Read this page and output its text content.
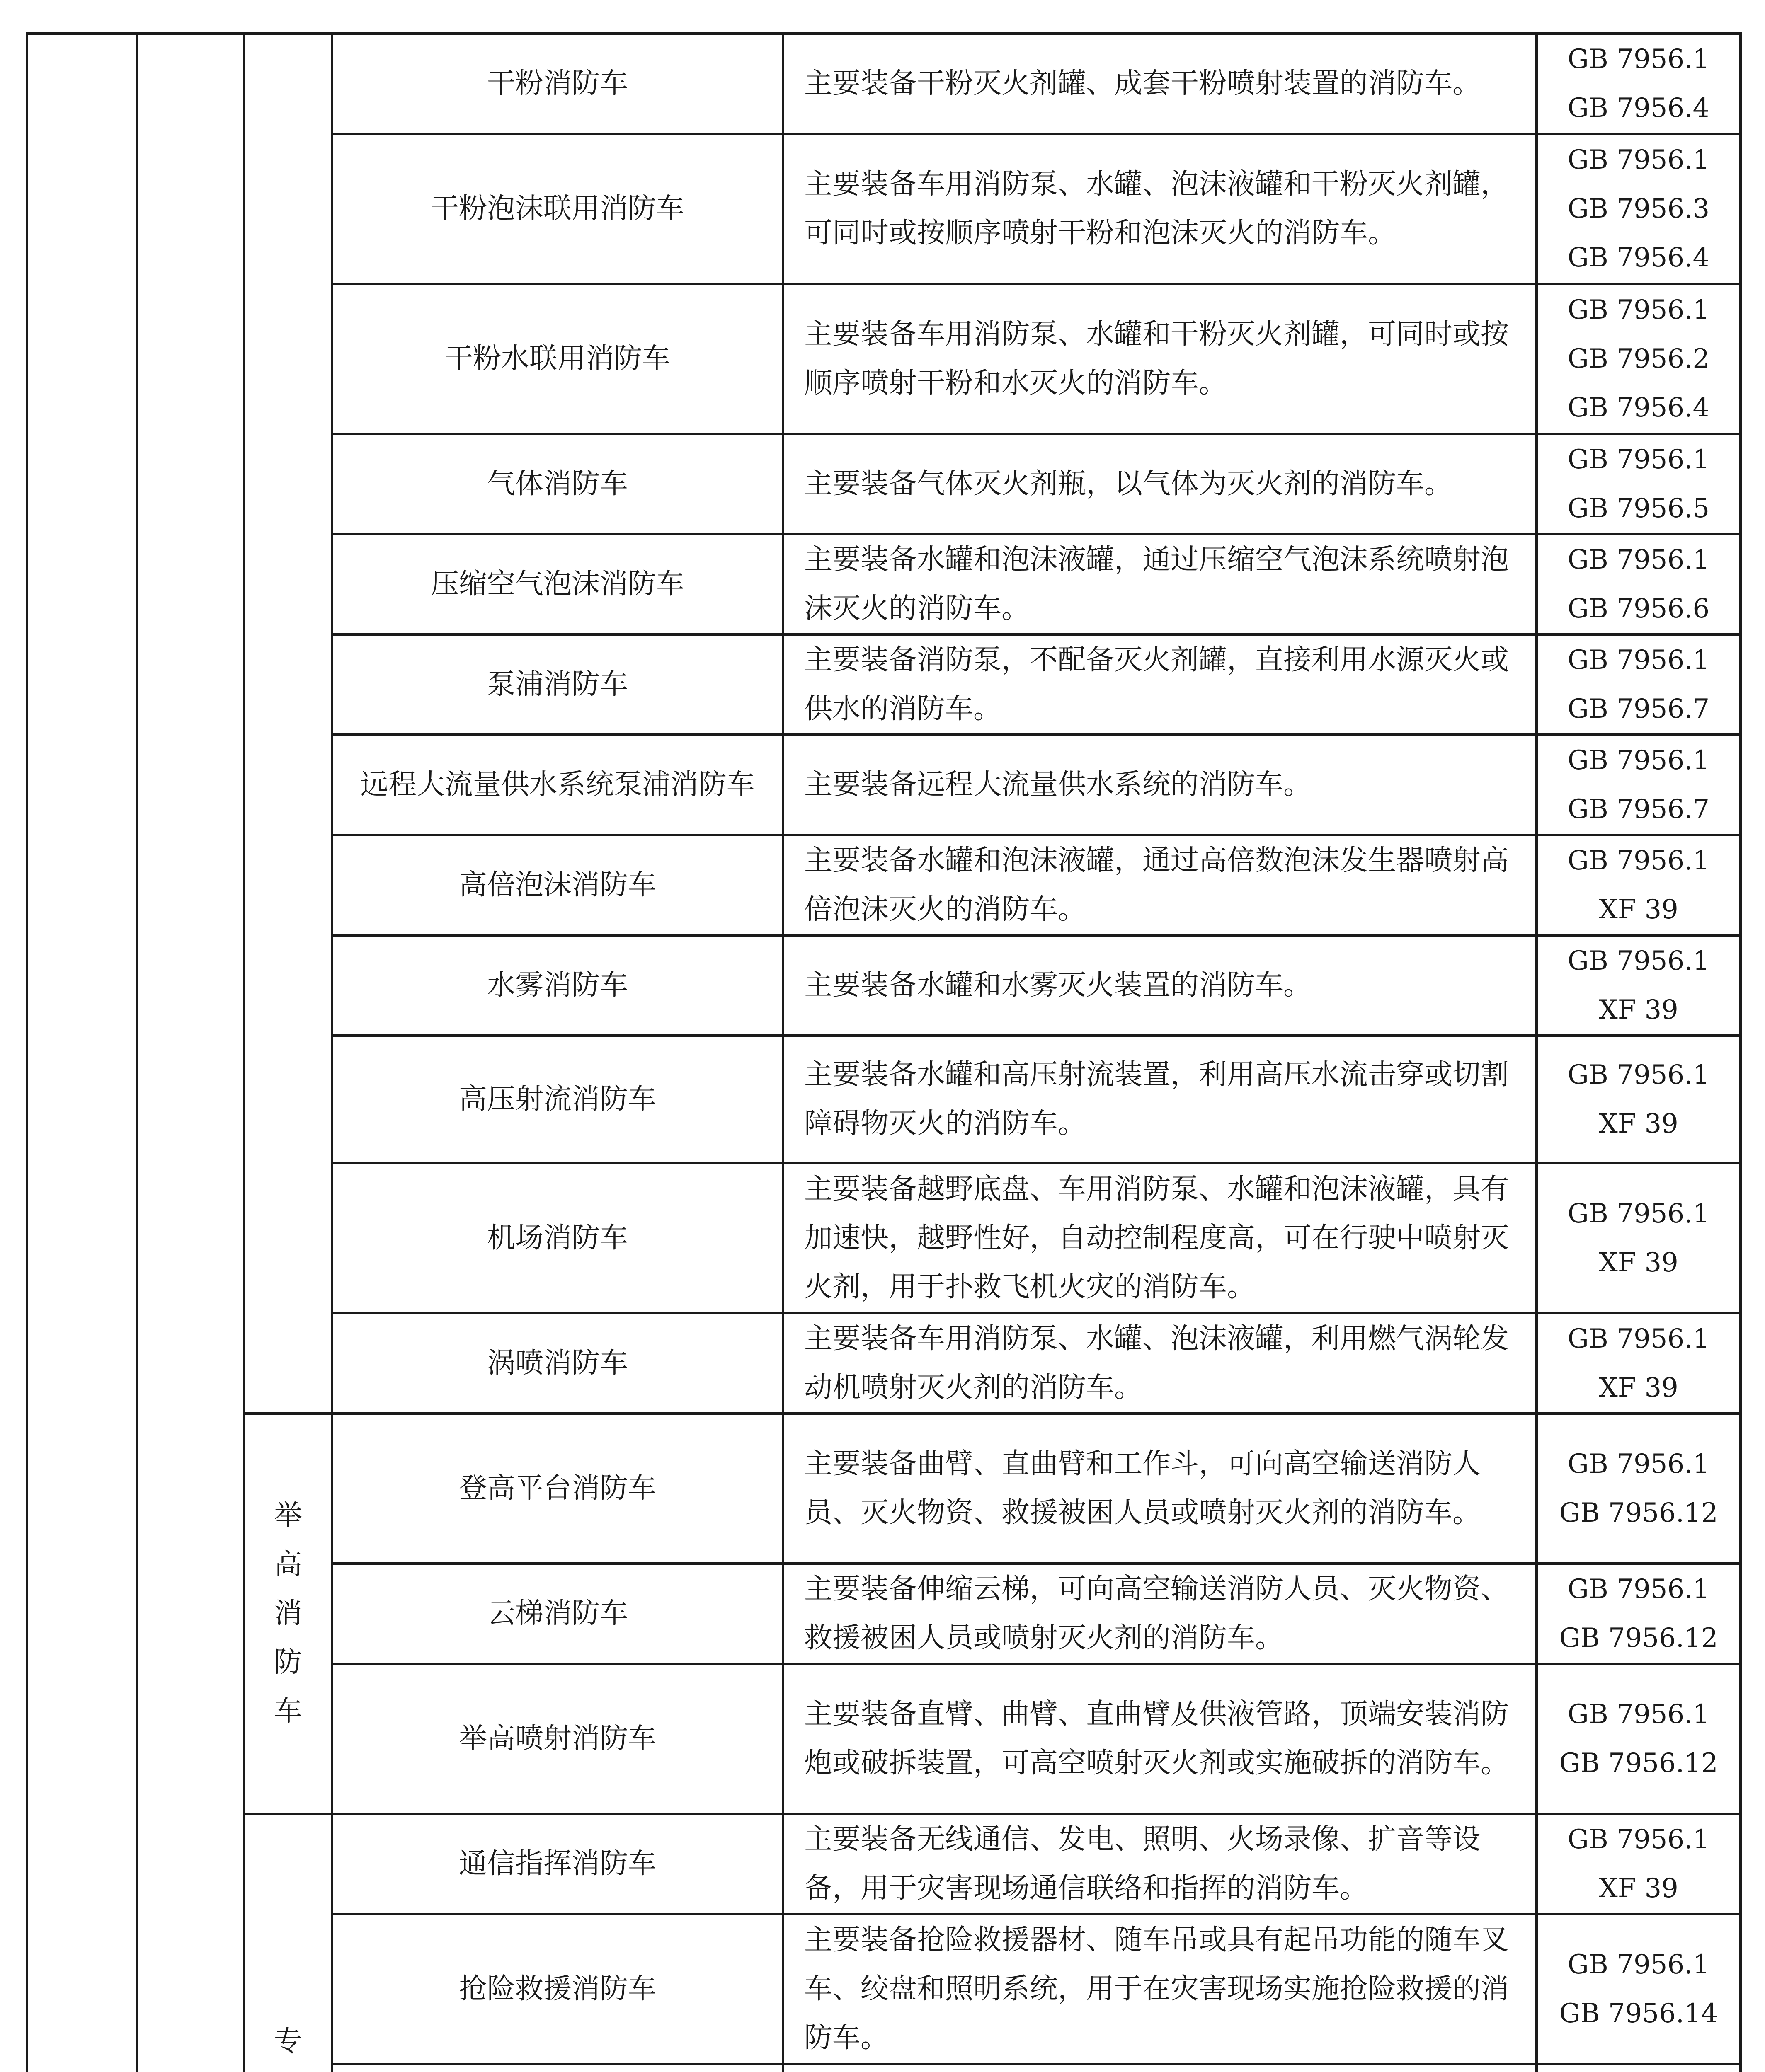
			干粉消防车	主要装备干粉灭火剂罐、成套干粉喷射装置的消防车。	GB 7956.1
GB 7956.4

			干粉泡沫联用消防车	主要装备车用消防泵、水罐、泡沫液罐和干粉灭火剂罐，可同时或按顺序喷射干粉和泡沫灭火的消防车。	GB 7956.1
GB 7956.3
GB 7956.4

			干粉水联用消防车	主要装备车用消防泵、水罐和干粉灭火剂罐，可同时或按顺序喷射干粉和水灭火的消防车。	GB 7956.1
GB 7956.2
GB 7956.4

			气体消防车	主要装备气体灭火剂瓶，以气体为灭火剂的消防车。	GB 7956.1
GB 7956.5

			压缩空气泡沫消防车	主要装备水罐和泡沫液罐，通过压缩空气泡沫系统喷射泡沫灭火的消防车。	GB 7956.1
GB 7956.6

			泵浦消防车	主要装备消防泵，不配备灭火剂罐，直接利用水源灭火或供水的消防车。	GB 7956.1
GB 7956.7

			远程大流量供水系统泵浦消防车	主要装备远程大流量供水系统的消防车。	GB 7956.1
GB 7956.7

			高倍泡沫消防车	主要装备水罐和泡沫液罐，通过高倍数泡沫发生器喷射高倍泡沫灭火的消防车。	GB 7956.1
XF 39

			水雾消防车	主要装备水罐和水雾灭火装置的消防车。	GB 7956.1
XF 39

			高压射流消防车	主要装备水罐和高压射流装置，利用高压水流击穿或切割障碍物灭火的消防车。	GB 7956.1
XF 39

			机场消防车	主要装备越野底盘、车用消防泵、水罐和泡沫液罐，具有加速快，越野性好，自动控制程度高，可在行驶中喷射灭火剂，用于扑救飞机火灾的消防车。	GB 7956.1
XF 39

			涡喷消防车	主要装备车用消防泵、水罐、泡沫液罐，利用燃气涡轮发动机喷射灭火剂的消防车。	GB 7956.1
XF 39

		举高消防车	登高平台消防车	主要装备曲臂、直曲臂和工作斗，可向高空输送消防人员、灭火物资、救援被困人员或喷射灭火剂的消防车。	GB 7956.1
GB 7956.12

			云梯消防车	主要装备伸缩云梯，可向高空输送消防人员、灭火物资、救援被困人员或喷射灭火剂的消防车。	GB 7956.1
GB 7956.12

			举高喷射消防车	主要装备直臂、曲臂、直曲臂及供液管路，顶端安装消防炮或破拆装置，可高空喷射灭火剂或实施破拆的消防车。	GB 7956.1
GB 7956.12

		专	通信指挥消防车	主要装备无线通信、发电、照明、火场录像、扩音等设备，用于灾害现场通信联络和指挥的消防车。	GB 7956.1
XF 39

			抢险救援消防车	主要装备抢险救援器材、随车吊或具有起吊功能的随车叉车、绞盘和照明系统，用于在灾害现场实施抢险救援的消防车。	GB 7956.1
GB 7956.14
